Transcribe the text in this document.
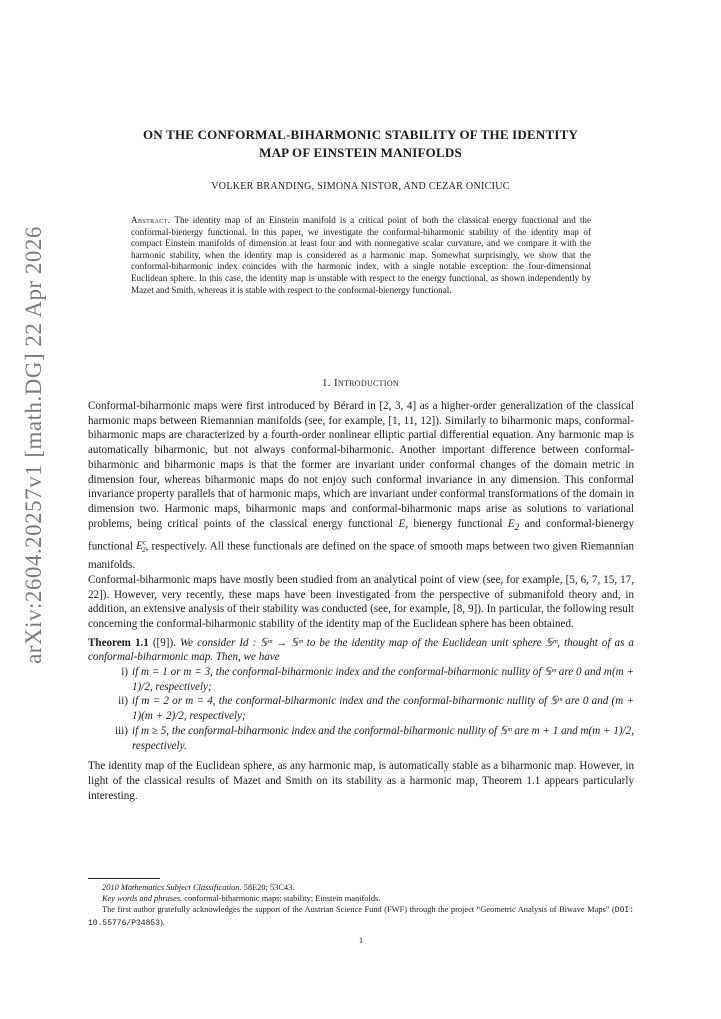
arXiv:2604.20257v1 [math.DG] 22 Apr 2026
ON THE CONFORMAL-BIHARMONIC STABILITY OF THE IDENTITY
MAP OF EINSTEIN MANIFOLDS
VOLKER BRANDING, SIMONA NISTOR, AND CEZAR ONICIUC
Abstract. The identity map of an Einstein manifold is a critical point of both the classical energy functional and the conformal-bienergy functional. In this paper, we investigate the conformal-biharmonic stability of the identity map of compact Einstein manifolds of dimension at least four and with nonnegative scalar curvature, and we compare it with the harmonic stability, when the identity map is considered as a harmonic map. Somewhat surprisingly, we show that the conformal-biharmonic index coincides with the harmonic index, with a single notable exception: the four-dimensional Euclidean sphere. In this case, the identity map is unstable with respect to the energy functional, as shown independently by Mazet and Smith, whereas it is stable with respect to the conformal-bienergy functional.
1. Introduction

Conformal-biharmonic maps were first introduced by Bérard in [2, 3, 4] as a higher-order generalization of the classical harmonic maps between Riemannian manifolds (see, for example, [1, 11, 12]). Similarly to biharmonic maps, conformal-biharmonic maps are characterized by a fourth-order nonlinear elliptic partial differential equation. Any harmonic map is automatically biharmonic, but not always conformal-biharmonic. Another important difference between conformal-biharmonic and biharmonic maps is that the former are invariant under conformal changes of the domain metric in dimension four, whereas biharmonic maps do not enjoy such conformal invariance in any dimension. This conformal invariance property parallels that of harmonic maps, which are invariant under conformal transformations of the domain in dimension two. Harmonic maps, biharmonic maps and conformal-biharmonic maps arise as solutions to variational problems, being critical points of the classical energy functional E, bienergy functional $E_2$ and conformal-bienergy functional $E^c_2$, respectively. All these functionals are defined on the space of smooth maps between two given Riemannian manifolds.

Conformal-biharmonic maps have mostly been studied from an analytical point of view (see, for example, [5, 6, 7, 15, 17, 22]). However, very recently, these maps have been investigated from the perspective of submanifold theory and, in addition, an extensive analysis of their stability was conducted (see, for example, [8, 9]). In particular, the following result concerning the conformal-biharmonic stability of the identity map of the Euclidean sphere has been obtained.

Theorem 1.1 ([9]). We consider Id : 𝕊ᵐ → 𝕊ᵐ to be the identity map of the Euclidean unit sphere 𝕊ᵐ, thought of as a conformal-biharmonic map. Then, we have

i) if m = 1 or m = 3, the conformal-biharmonic index and the conformal-biharmonic nullity of 𝕊ᵐ are 0 and m(m + 1)/2, respectively;
ii) if m = 2 or m = 4, the conformal-biharmonic index and the conformal-biharmonic nullity of 𝕊ᵐ are 0 and (m + 1)(m + 2)/2, respectively;
iii) if m ≥ 5, the conformal-biharmonic index and the conformal-biharmonic nullity of 𝕊ᵐ are m + 1 and m(m + 1)/2, respectively.

The identity map of the Euclidean sphere, as any harmonic map, is automatically stable as a biharmonic map. However, in light of the classical results of Mazet and Smith on its stability as a harmonic map, Theorem 1.1 appears particularly interesting.

2010 Mathematics Subject Classification. 58E20; 53C43.

Key words and phrases. conformal-biharmonic maps; stability; Einstein manifolds.

The first author gratefully acknowledges the support of the Austrian Science Fund (FWF) through the project “Geometric Analysis of Biwave Maps” (DOI: 10.55776/P34853).

1
